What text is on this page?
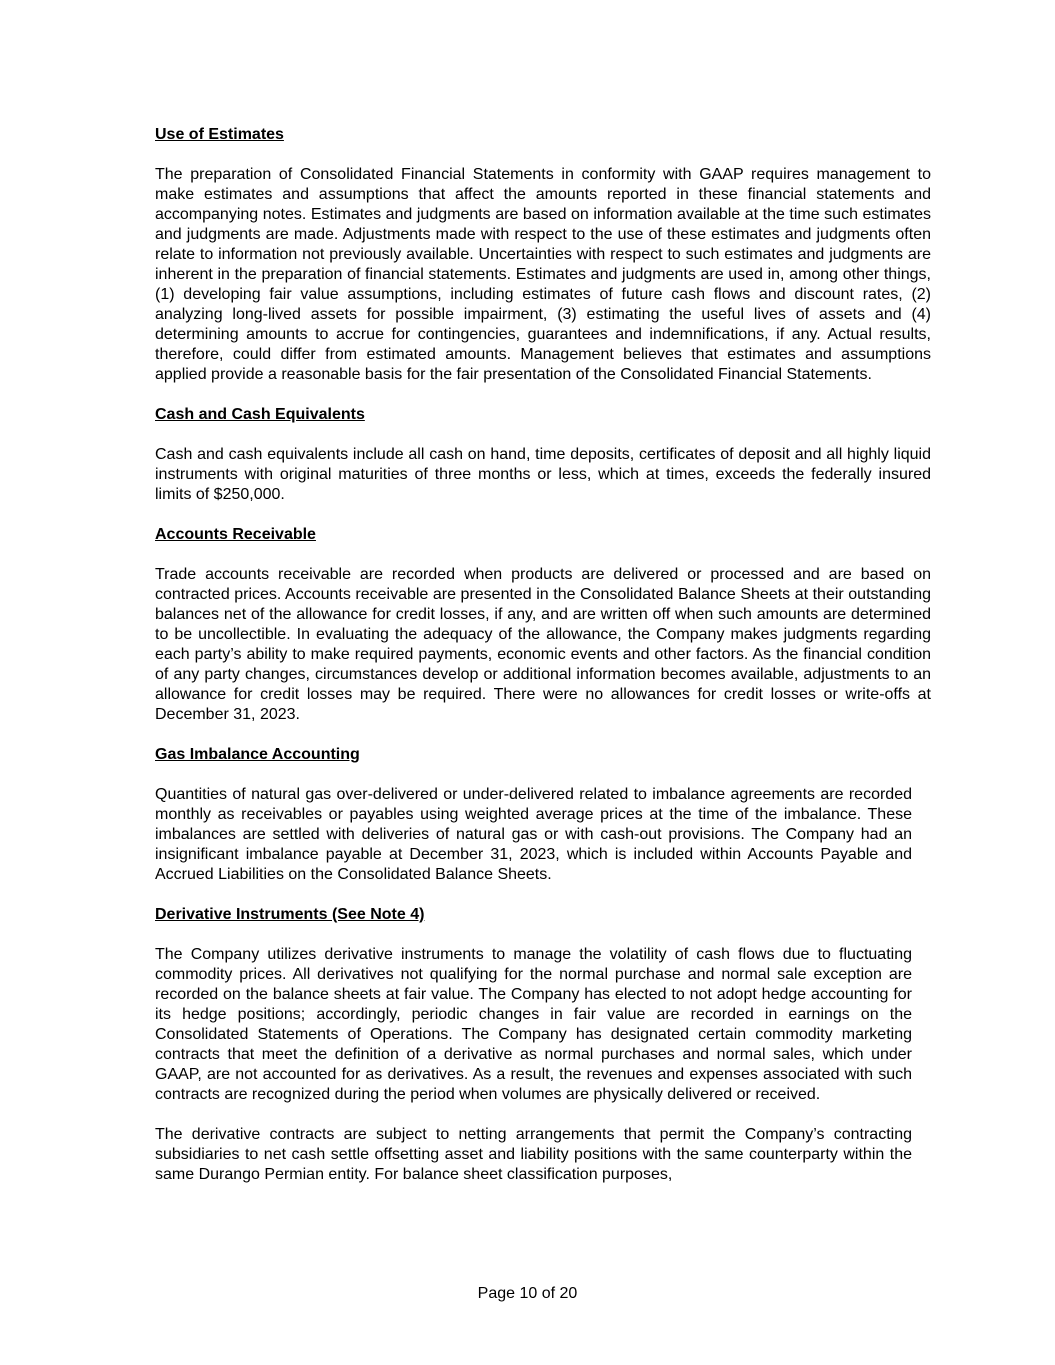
Use of Estimates

The preparation of Consolidated Financial Statements in conformity with GAAP requires management to make estimates and assumptions that affect the amounts reported in these financial statements and accompanying notes. Estimates and judgments are based on information available at the time such estimates and judgments are made. Adjustments made with respect to the use of these estimates and judgments often relate to information not previously available. Uncertainties with respect to such estimates and judgments are inherent in the preparation of financial statements. Estimates and judgments are used in, among other things, (1) developing fair value assumptions, including estimates of future cash flows and discount rates, (2) analyzing long-lived assets for possible impairment, (3) estimating the useful lives of assets and (4) determining amounts to accrue for contingencies, guarantees and indemnifications, if any. Actual results, therefore, could differ from estimated amounts. Management believes that estimates and assumptions applied provide a reasonable basis for the fair presentation of the Consolidated Financial Statements.

Cash and Cash Equivalents

Cash and cash equivalents include all cash on hand, time deposits, certificates of deposit and all highly liquid instruments with original maturities of three months or less, which at times, exceeds the federally insured limits of $250,000.

Accounts Receivable

Trade accounts receivable are recorded when products are delivered or processed and are based on contracted prices. Accounts receivable are presented in the Consolidated Balance Sheets at their outstanding balances net of the allowance for credit losses, if any, and are written off when such amounts are determined to be uncollectible. In evaluating the adequacy of the allowance, the Company makes judgments regarding each party’s ability to make required payments, economic events and other factors. As the financial condition of any party changes, circumstances develop or additional information becomes available, adjustments to an allowance for credit losses may be required. There were no allowances for credit losses or write-offs at December 31, 2023.

Gas Imbalance Accounting

Quantities of natural gas over-delivered or under-delivered related to imbalance agreements are recorded monthly as receivables or payables using weighted average prices at the time of the imbalance. These imbalances are settled with deliveries of natural gas or with cash-out provisions. The Company had an insignificant imbalance payable at December 31, 2023, which is included within Accounts Payable and Accrued Liabilities on the Consolidated Balance Sheets.

Derivative Instruments (See Note 4)

The Company utilizes derivative instruments to manage the volatility of cash flows due to fluctuating commodity prices. All derivatives not qualifying for the normal purchase and normal sale exception are recorded on the balance sheets at fair value. The Company has elected to not adopt hedge accounting for its hedge positions; accordingly, periodic changes in fair value are recorded in earnings on the Consolidated Statements of Operations. The Company has designated certain commodity marketing contracts that meet the definition of a derivative as normal purchases and normal sales, which under GAAP, are not accounted for as derivatives. As a result, the revenues and expenses associated with such contracts are recognized during the period when volumes are physically delivered or received.

The derivative contracts are subject to netting arrangements that permit the Company’s contracting subsidiaries to net cash settle offsetting asset and liability positions with the same counterparty within the same Durango Permian entity. For balance sheet classification purposes,

Page 10 of 20
